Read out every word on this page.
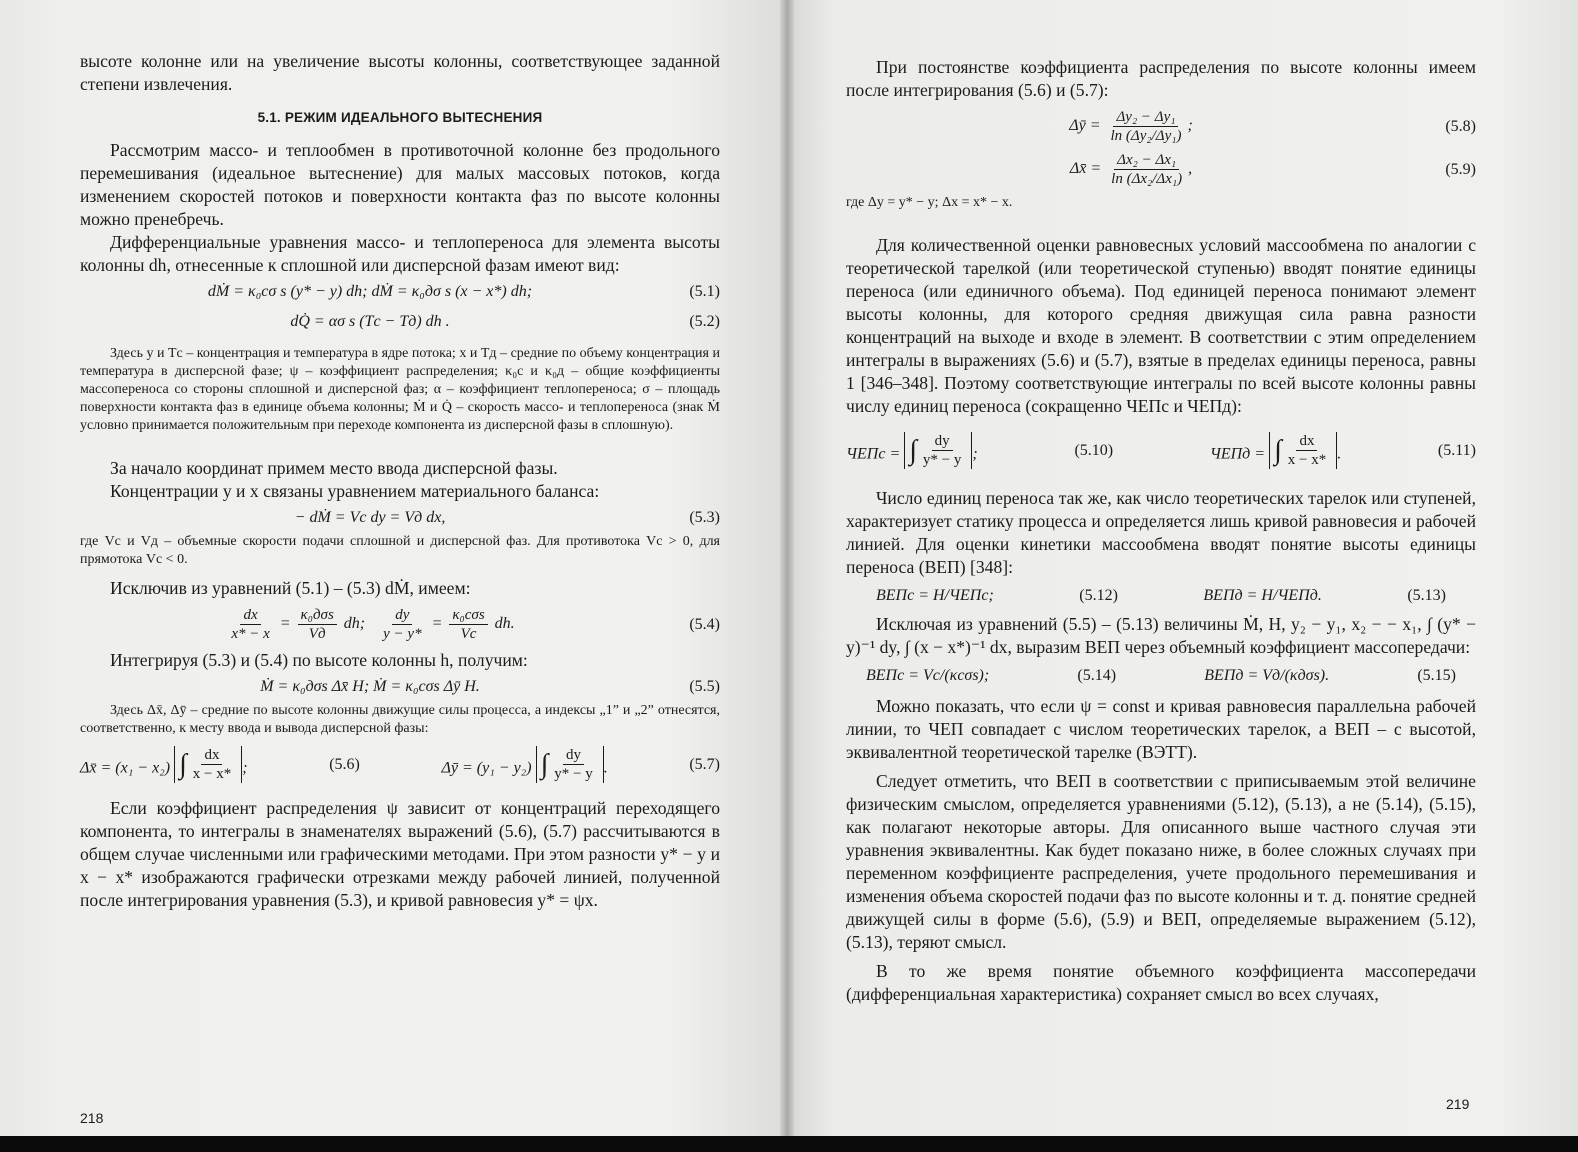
высоте колонне или на увеличение высоты колонны, соответствующее заданной степени извлечения.

5.1. РЕЖИМ ИДЕАЛЬНОГО ВЫТЕСНЕНИЯ

Рассмотрим массо- и теплообмен в противоточной колонне без продольного перемешивания (идеальное вытеснение) для малых массовых потоков, когда изменением скоростей потоков и поверхности контакта фаз по высоте колонны можно пренебречь.

Дифференциальные уравнения массо- и теплопереноса для элемента высоты колонны dh, отнесенные к сплошной или дисперсной фазам имеют вид:

dṀ = κ₀cσ s (y* − y) dh; dṀ = κ₀дσ s (x − x*) dh;	(5.1)
dQ̇ = ασ s (Tс − Tд) dh .	(5.2)

Здесь y и Tс – концентрация и температура в ядре потока; x и Tд – средние по объему концентрация и температура в дисперсной фазе; ψ – коэффициент распределения; κ₀с и κ₀д – общие коэффициенты массопереноса со стороны сплошной и дисперсной фаз; α – коэффициент теплопереноса; σ – площадь поверхности контакта фаз в единице объема колонны; Ṁ и Q̇ – скорость массо- и теплопереноса (знак Ṁ условно принимается положительным при переходе компонента из дисперсной фазы в сплошную).

За начало координат примем место ввода дисперсной фазы.

Концентрации y и x связаны уравнением материального баланса:

− dṀ = Vс dy = Vд dx,	(5.3)

где Vс и Vд – объемные скорости подачи сплошной и дисперсной фаз. Для противотока Vс > 0, для прямотока Vс < 0.

Исключив из уравнений (5.1) – (5.3) dṀ, имеем:

$\frac{dx}{x* - x} = \frac{\text{κ₀дσs}}{Vд}$ dh; $\frac{dy}{y - y*} = \frac{\text{κ₀сσs}}{Vс}$ dh.	(5.4)

Интегрируя (5.3) и (5.4) по высоте колонны h, получим:

Ṁ = κ₀дσs Δx̄ H; Ṁ = κ₀сσs Δȳ H.	(5.5)

Здесь Δx̄, Δȳ – средние по высоте колонны движущие силы процесса, а индексы „1” и „2” отнесятся, соответственно, к месту ввода и вывода дисперсной фазы:

Δx̄ = (x₁ − x₂) ∫ $\frac{dx}{x - x*}$ ;	(5.6)	Δȳ = (y₁ − y₂) ∫ $\frac{dy}{y* - y}$ .	(5.7)

Если коэффициент распределения ψ зависит от концентраций переходящего компонента, то интегралы в знаменателях выражений (5.6), (5.7) рассчитываются в общем случае численными или графическими методами. При этом разности y* − y и x − x* изображаются графически отрезками между рабочей линией, полученной после интегрирования уравнения (5.3), и кривой равновесия y* = ψx.

218

При постоянстве коэффициента распределения по высоте колонны имеем после интегрирования (5.6) и (5.7):

Δȳ = $\frac{\text{Δy₂ − Δy₁}}{\text{ln (Δy₂/Δy₁)}}$ ;	(5.8)
Δx̄ = $\frac{\text{Δx₂ − Δx₁}}{\text{ln (Δx₂/Δx₁)}}$ ,	(5.9)

где Δy = y* − y; Δx = x* − x.

Для количественной оценки равновесных условий массообмена по аналогии с теоретической тарелкой (или теоретической ступенью) вводят понятие единицы переноса (или единичного объема). Под единицей переноса понимают элемент высоты колонны, для которого средняя движущая сила равна разности концентраций на выходе и входе в элемент. В соответствии с этим определением интегралы в выражениях (5.6) и (5.7), взятые в пределах единицы переноса, равны 1 [346–348]. Поэтому соответствующие интегралы по всей высоте колонны равны числу единиц переноса (сокращенно ЧЕПс и ЧЕПд):

ЧЕПс = ∫ $\frac{dy}{y* - y}$ ;	(5.10)	ЧЕПд = ∫ $\frac{dx}{x - x*}$ .	(5.11)

Число единиц переноса так же, как число теоретических тарелок или ступеней, характеризует статику процесса и определяется лишь кривой равновесия и рабочей линией. Для оценки кинетики массообмена вводят понятие высоты единицы переноса (ВЕП) [348]:

ВЕПс = H/ЧЕПс;	(5.12)	ВЕПд = H/ЧЕПд.	(5.13)

Исключая из уравнений (5.5) – (5.13) величины Ṁ, H, y₂ − y₁, x₂ − − x₁, ∫ (y* − y)⁻¹ dy, ∫ (x − x*)⁻¹ dx, выразим ВЕП через объемный коэффициент массопередачи:

ВЕПс = Vс/(κсσs);	(5.14)	ВЕПд = Vд/(κдσs).	(5.15)

Можно показать, что если ψ = const и кривая равновесия параллельна рабочей линии, то ЧЕП совпадает с числом теоретических тарелок, а ВЕП – с высотой, эквивалентной теоретической тарелке (ВЭТТ).

Следует отметить, что ВЕП в соответствии с приписываемым этой величине физическим смыслом, определяется уравнениями (5.12), (5.13), а не (5.14), (5.15), как полагают некоторые авторы. Для описанного выше частного случая эти уравнения эквивалентны. Как будет показано ниже, в более сложных случаях при переменном коэффициенте распределения, учете продольного перемешивания и изменения объема скоростей подачи фаз по высоте колонны и т. д. понятие средней движущей силы в форме (5.6), (5.9) и ВЕП, определяемые выражением (5.12), (5.13), теряют смысл.

В то же время понятие объемного коэффициента массопередачи (дифференциальная характеристика) сохраняет смысл во всех случаях,

219
